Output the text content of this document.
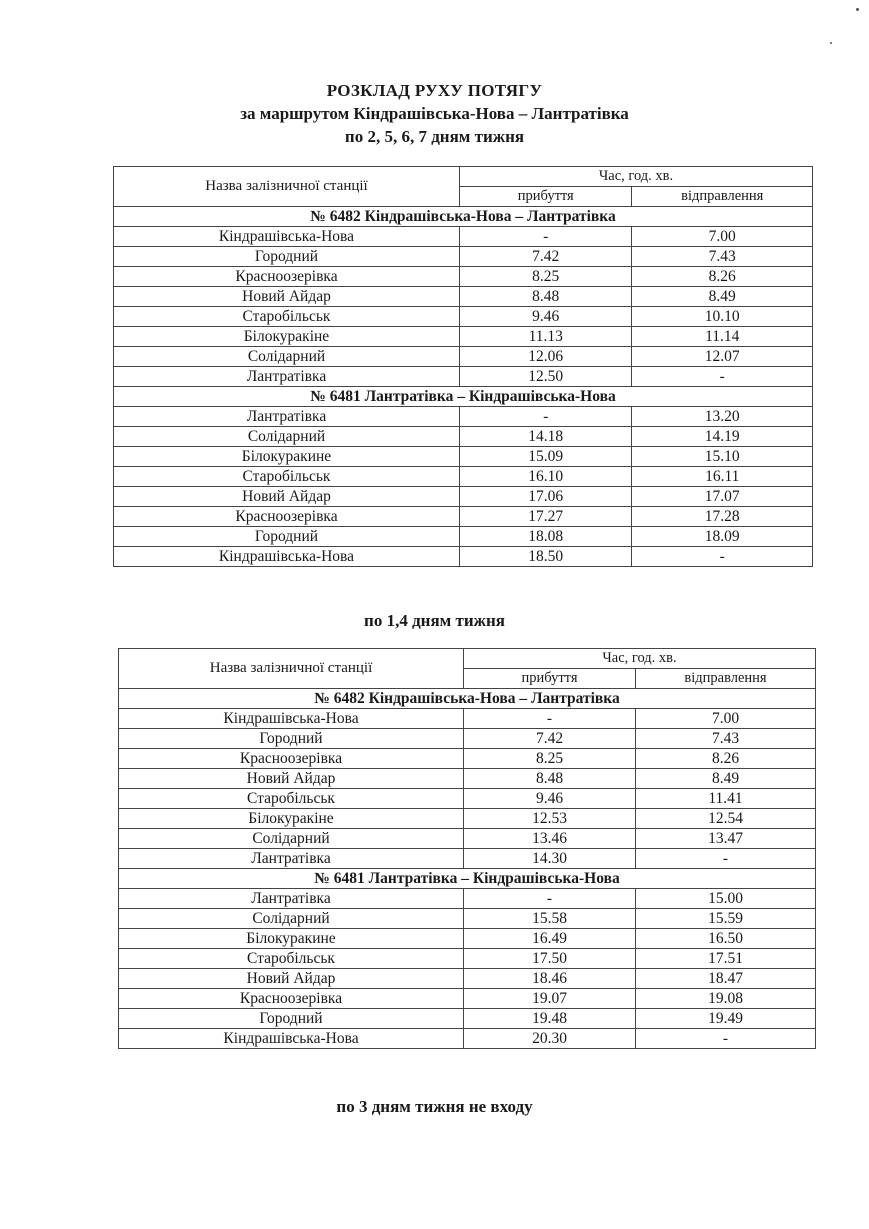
РОЗКЛАД РУХУ ПОТЯГУ

за маршрутом Кіндрашівська-Нова – Лантратівка

по 2, 5, 6, 7 дням тижня

Назва залізничної станції	Час, год. хв.	
	прибуття	відправлення
№ 6482 Кіндрашівська-Нова – Лантратівка		
Кіндрашівська-Нова	-	7.00
Городний	7.42	7.43
Красноозерівка	8.25	8.26
Новий Айдар	8.48	8.49
Старобільськ	9.46	10.10
Білокуракіне	11.13	11.14
Солідарний	12.06	12.07
Лантратівка	12.50	-
№ 6481 Лантратівка – Кіндрашівська-Нова		
Лантратівка	-	13.20
Солідарний	14.18	14.19
Білокуракине	15.09	15.10
Старобільськ	16.10	16.11
Новий Айдар	17.06	17.07
Красноозерівка	17.27	17.28
Городний	18.08	18.09
Кіндрашівська-Нова	18.50	-
по 1,4 дням тижня
Назва залізничної станції	Час, год. хв.	
	прибуття	відправлення
№ 6482 Кіндрашівська-Нова – Лантратівка		
Кіндрашівська-Нова	-	7.00
Городний	7.42	7.43
Красноозерівка	8.25	8.26
Новий Айдар	8.48	8.49
Старобільськ	9.46	11.41
Білокуракіне	12.53	12.54
Солідарний	13.46	13.47
Лантратівка	14.30	-
№ 6481 Лантратівка – Кіндрашівська-Нова		
Лантратівка	-	15.00
Солідарний	15.58	15.59
Білокуракине	16.49	16.50
Старобільськ	17.50	17.51
Новий Айдар	18.46	18.47
Красноозерівка	19.07	19.08
Городний	19.48	19.49
Кіндрашівська-Нова	20.30	-
по 3 дням тижня не входу
